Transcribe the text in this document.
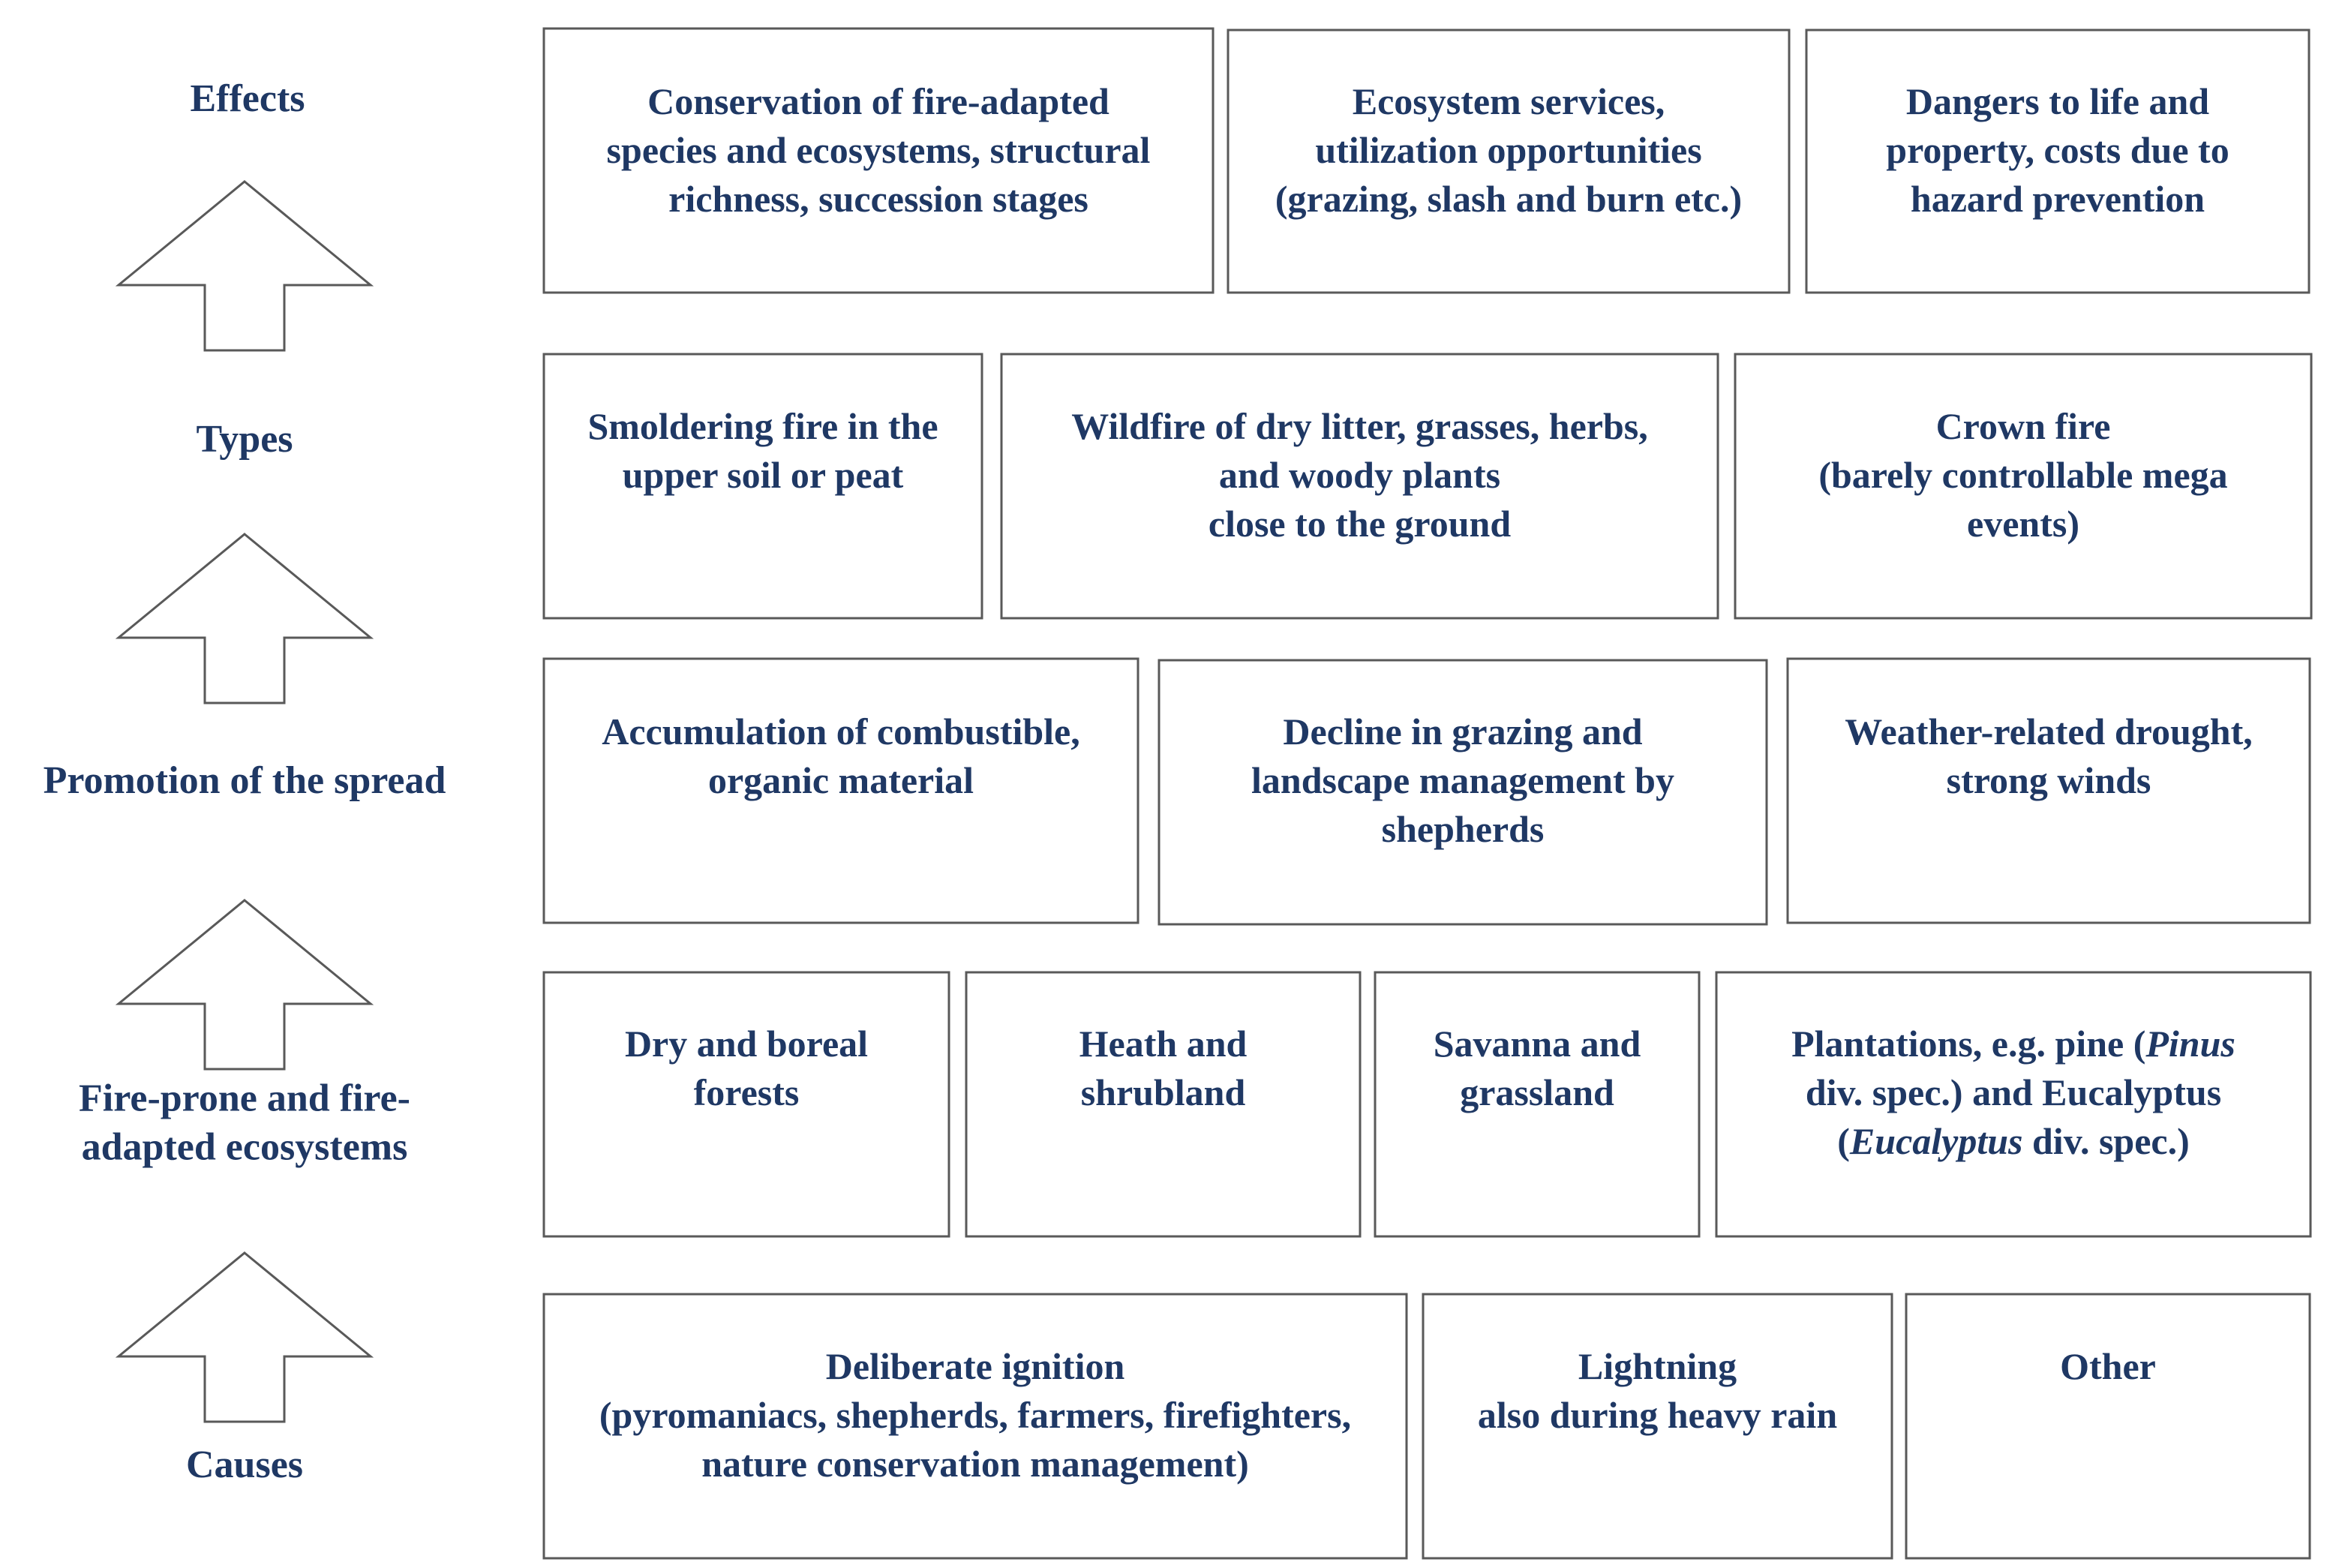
Effects	Conservation of fire-adapted species and ecosystems, structural richness, succession stages
Ecosystem services, utilization opportunities (grazing, slash and burn etc.)
Dangers to life and property, costs due to hazard prevention
Types	Smoldering fire in the upper soil or peat
Wildfire of dry litter, grasses, herbs, and woody plants close to the ground
Crown fire (barely controllable mega events)
Promotion of the spread
Accumulation of combustible, organic material
Decline in grazing and landscape management by shepherds
Weather-related drought, strong winds
Fire-prone and fire-adapted ecosystems
Dry and boreal forests
Heath and shrubland
Savanna and grassland
Plantations, e.g. pine (Pinus div. spec.) and Eucalyptus (Eucalyptus div. spec.)
Causes
Deliberate ignition (pyromaniacs, shepherds, farmers, firefighters, nature conservation management)
Lightning also during heavy rain
Other
